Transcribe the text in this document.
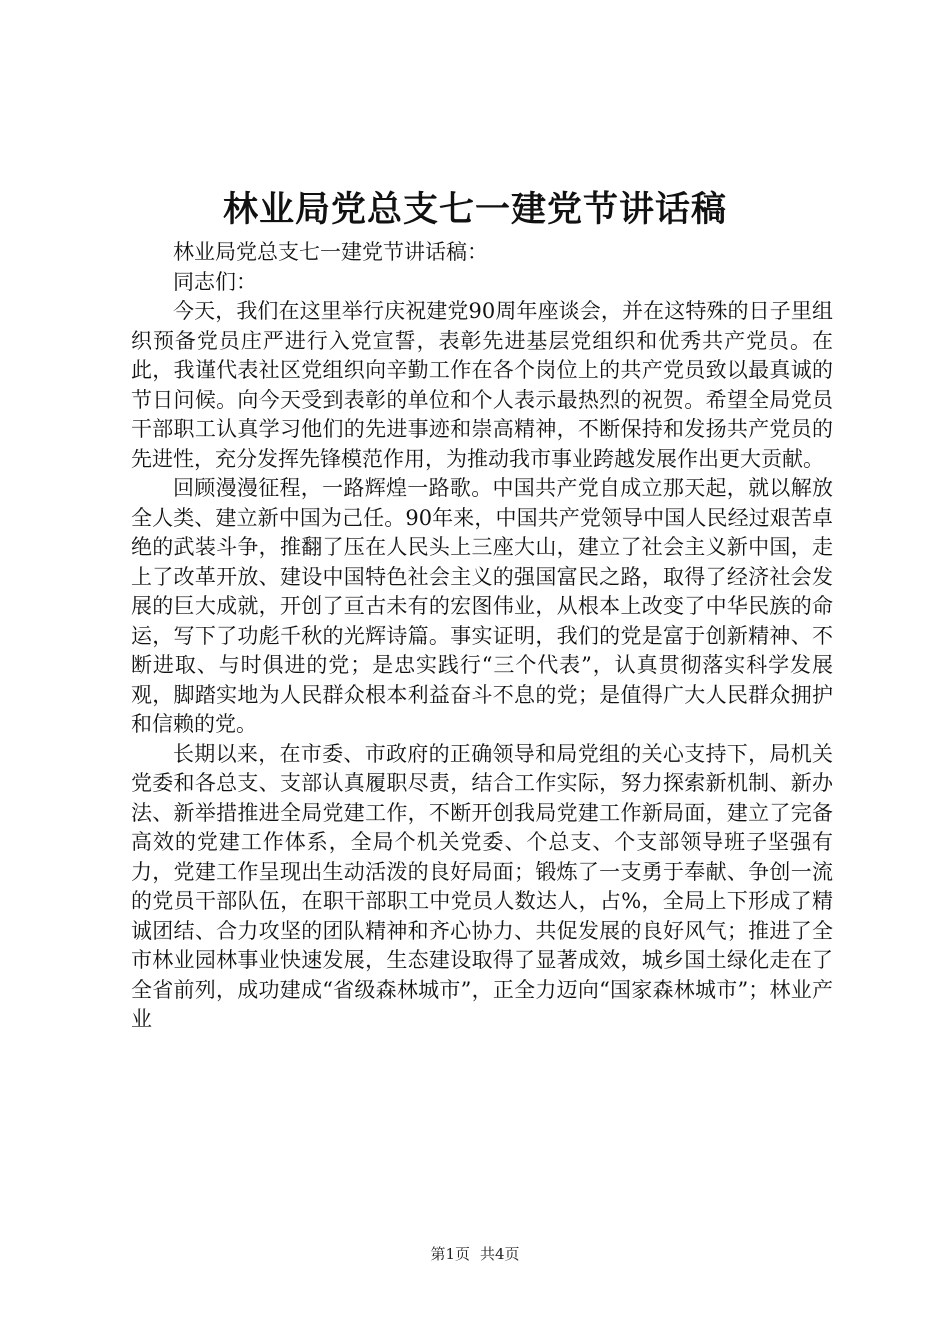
林业局党总支七一建党节讲话稿

林业局党总支七一建党节讲话稿：

同志们：

今天，我们在这里举行庆祝建党90周年座谈会，并在这特殊的日子里组织预备党员庄严进行入党宣誓，表彰先进基层党组织和优秀共产党员。在此，我谨代表社区党组织向辛勤工作在各个岗位上的共产党员致以最真诚的节日问候。向今天受到表彰的单位和个人表示最热烈的祝贺。希望全局党员干部职工认真学习他们的先进事迹和崇高精神，不断保持和发扬共产党员的先进性，充分发挥先锋模范作用，为推动我市事业跨越发展作出更大贡献。

回顾漫漫征程，一路辉煌一路歌。中国共产党自成立那天起，就以解放全人类、建立新中国为己任。90年来，中国共产党领导中国人民经过艰苦卓绝的武装斗争，推翻了压在人民头上三座大山，建立了社会主义新中国，走上了改革开放、建设中国特色社会主义的强国富民之路，取得了经济社会发展的巨大成就，开创了亘古未有的宏图伟业，从根本上改变了中华民族的命运，写下了功彪千秋的光辉诗篇。事实证明，我们的党是富于创新精神、不断进取、与时俱进的党；是忠实践行“三个代表”，认真贯彻落实科学发展观，脚踏实地为人民群众根本利益奋斗不息的党；是值得广大人民群众拥护和信赖的党。

长期以来，在市委、市政府的正确领导和局党组的关心支持下，局机关党委和各总支、支部认真履职尽责，结合工作实际，努力探索新机制、新办法、新举措推进全局党建工作，不断开创我局党建工作新局面，建立了完备高效的党建工作体系，全局个机关党委、个总支、个支部领导班子坚强有力，党建工作呈现出生动活泼的良好局面；锻炼了一支勇于奉献、争创一流的党员干部队伍，在职干部职工中党员人数达人，占%，全局上下形成了精诚团结、合力攻坚的团队精神和齐心协力、共促发展的良好风气；推进了全市林业园林事业快速发展，生态建设取得了显著成效，城乡国土绿化走在了全省前列，成功建成“省级森林城市”，正全力迈向“国家森林城市”；林业产业

第1页 共4页
